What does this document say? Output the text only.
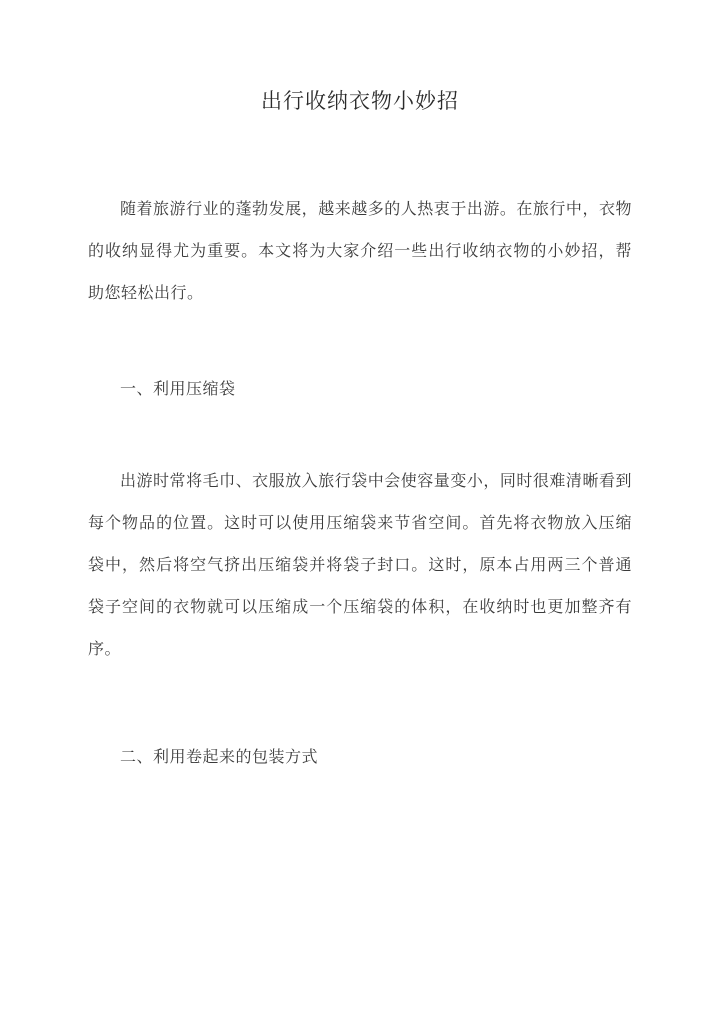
出行收纳衣物小妙招

随着旅游行业的蓬勃发展，越来越多的人热衷于出游。在旅行中，衣物的收纳显得尤为重要。本文将为大家介绍一些出行收纳衣物的小妙招，帮助您轻松出行。

一、利用压缩袋

出游时常将毛巾、衣服放入旅行袋中会使容量变小，同时很难清晰看到每个物品的位置。这时可以使用压缩袋来节省空间。首先将衣物放入压缩袋中，然后将空气挤出压缩袋并将袋子封口。这时，原本占用两三个普通袋子空间的衣物就可以压缩成一个压缩袋的体积，在收纳时也更加整齐有序。

二、利用卷起来的包装方式
